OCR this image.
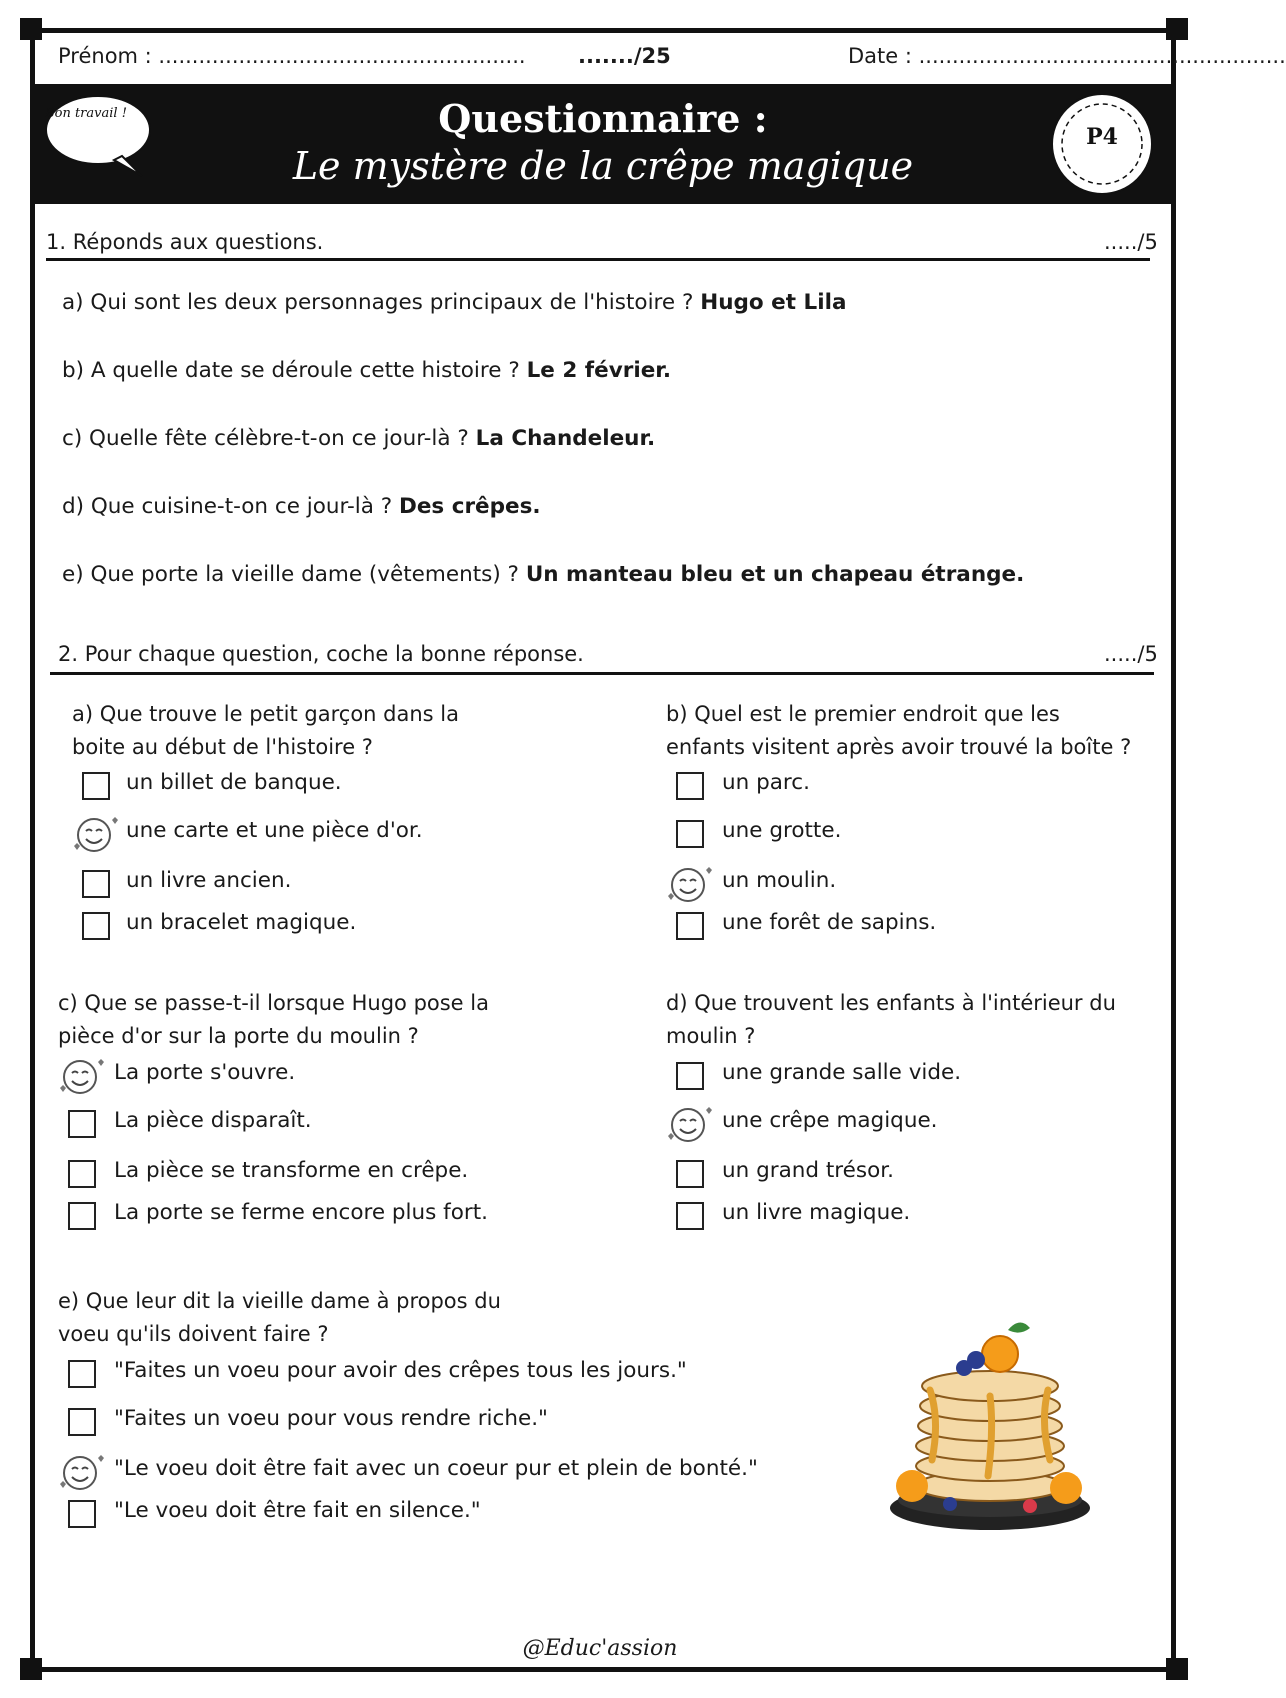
Prénom : ....................................................... .......⁠/25	Date : .......................................................
Bon travail !	Questionnaire :
Le mystère de la crêpe magique
P4
1. Réponds aux questions.	...../5
a) Qui sont les deux personnages principaux de l'histoire ? Hugo et Lila
b) A quelle date se déroule cette histoire ? Le 2 février.
c) Quelle fête célèbre-t-on ce jour-là ? La Chandeleur.
d) Que cuisine-t-on ce jour-là ? Des crêpes.
e) Que porte la vieille dame (vêtements) ? Un manteau bleu et un chapeau étrange.
2. Pour chaque question, coche la bonne réponse.	...../5
a) Que trouve le petit garçon dans la
boite au début de l'histoire ?
un billet de banque.
une carte et une pièce d'or.
un livre ancien.
un bracelet magique.
b) Quel est le premier endroit que les
enfants visitent après avoir trouvé la boîte ?
un parc.
une grotte.
un moulin.
une forêt de sapins.
c) Que se passe-t-il lorsque Hugo pose la
pièce d'or sur la porte du moulin ?
La porte s'ouvre.
La pièce disparaît.
La pièce se transforme en crêpe.
La porte se ferme encore plus fort.
d) Que trouvent les enfants à l'intérieur du
moulin ?
une grande salle vide.
une crêpe magique.
un grand trésor.
un livre magique.
e) Que leur dit la vieille dame à propos du
voeu qu'ils doivent faire ?
"Faites un voeu pour avoir des crêpes tous les jours."
"Faites un voeu pour vous rendre riche."
"Le voeu doit être fait avec un coeur pur et plein de bonté."
"Le voeu doit être fait en silence."
@Educ'assion
